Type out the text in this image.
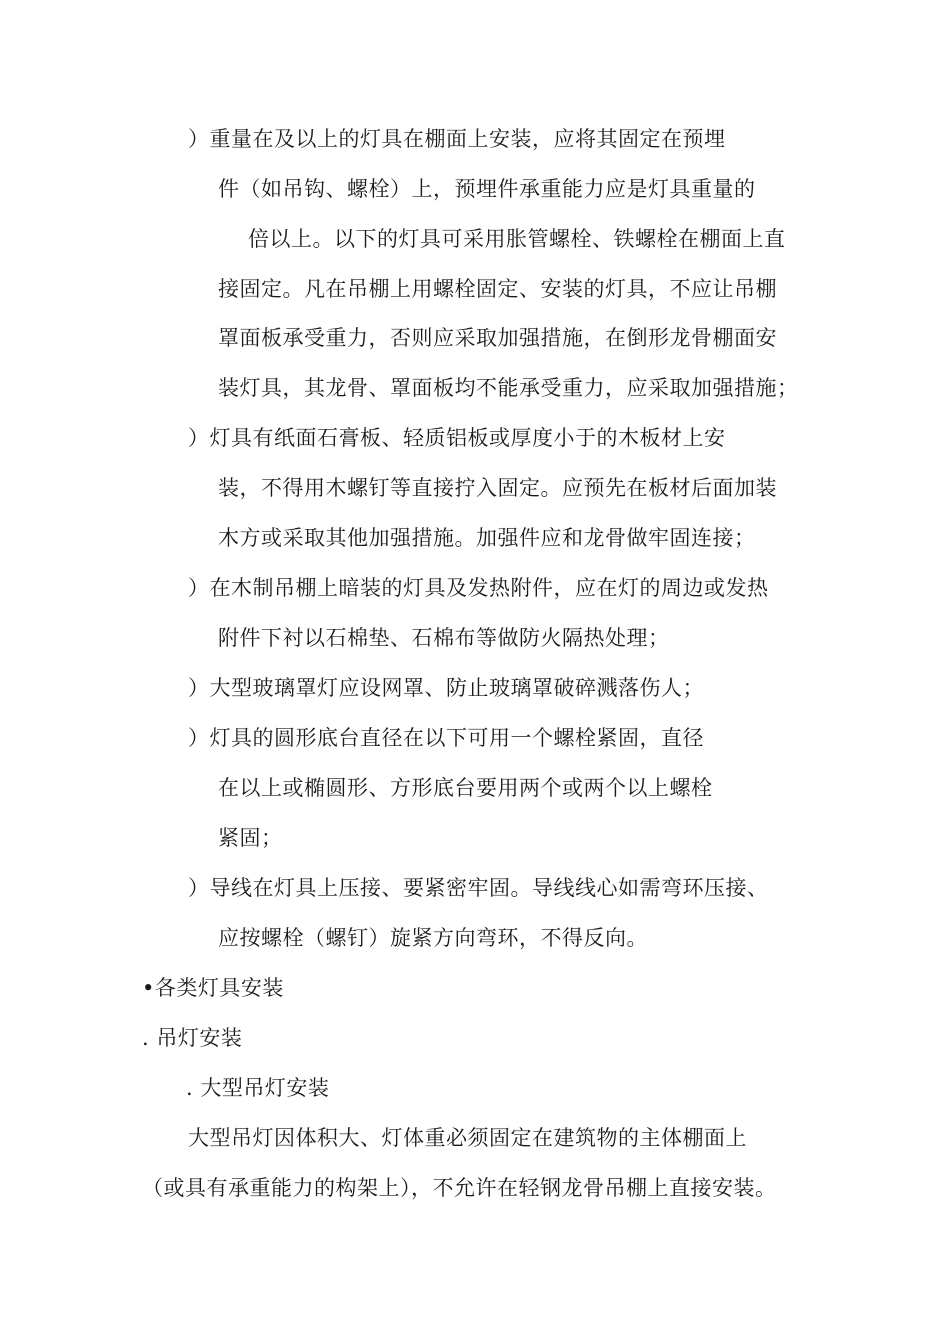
）重量在及以上的灯具在棚面上安装，应将其固定在预埋
件（如吊钩、螺栓）上，预埋件承重能力应是灯具重量的
倍以上。以下的灯具可采用胀管螺栓、铁螺栓在棚面上直
接固定。凡在吊棚上用螺栓固定、安装的灯具，不应让吊棚
罩面板承受重力，否则应采取加强措施，在倒形龙骨棚面安
装灯具，其龙骨、罩面板均不能承受重力，应采取加强措施；
）灯具有纸面石膏板、轻质铝板或厚度小于的木板材上安
装，不得用木螺钉等直接拧入固定。应预先在板材后面加装
木方或采取其他加强措施。加强件应和龙骨做牢固连接；
）在木制吊棚上暗装的灯具及发热附件，应在灯的周边或发热
附件下衬以石棉垫、石棉布等做防火隔热处理；
）大型玻璃罩灯应设网罩、防止玻璃罩破碎溅落伤人；
）灯具的圆形底台直径在以下可用一个螺栓紧固，直径
在以上或椭圆形、方形底台要用两个或两个以上螺栓
紧固；
）导线在灯具上压接、要紧密牢固。导线线心如需弯环压接、
应按螺栓（螺钉）旋紧方向弯环，不得反向。
•各类灯具安装
. 吊灯安装
. 大型吊灯安装
大型吊灯因体积大、灯体重必须固定在建筑物的主体棚面上
（或具有承重能力的构架上），不允许在轻钢龙骨吊棚上直接安装。
